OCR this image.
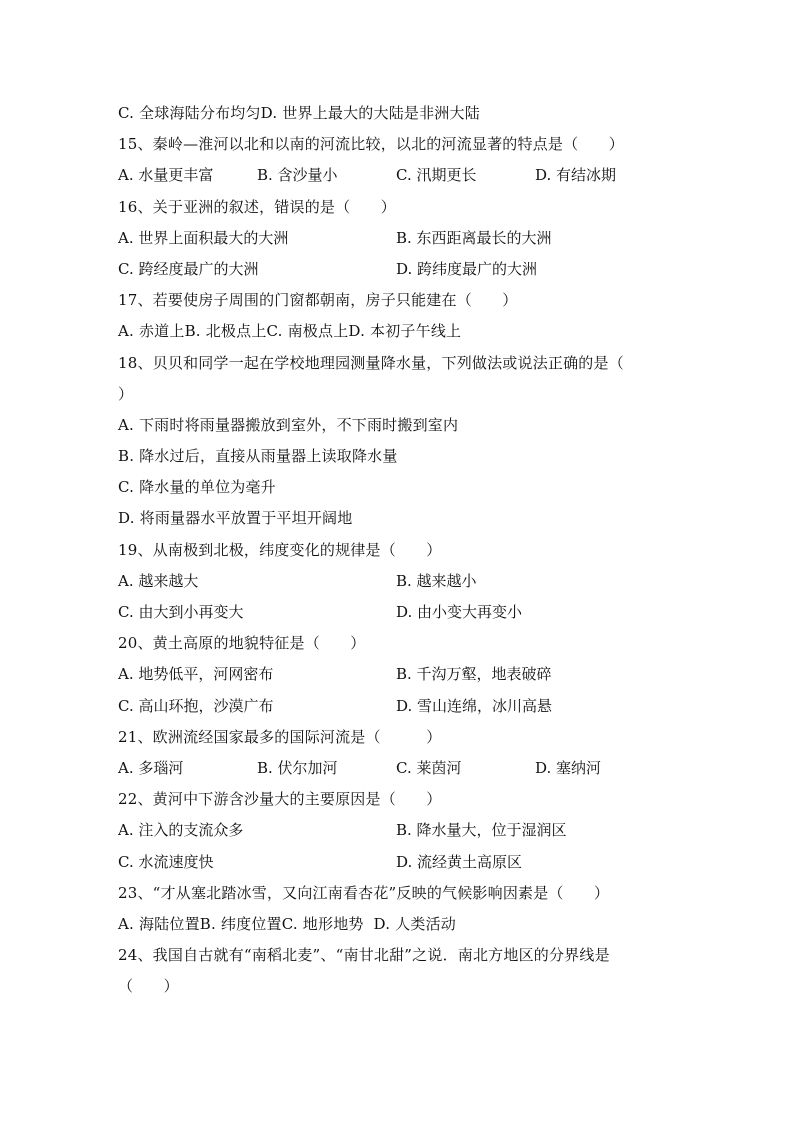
C. 全球海陆分布均匀D. 世界上最大的大陆是非洲大陆
15、秦岭—淮河以北和以南的河流比较，以北的河流显著的特点是（　　）
A. 水量更丰富	B. 含沙量小	C. 汛期更长	D. 有结冰期
16、关于亚洲的叙述，错误的是（　　）
A. 世界上面积最大的大洲	B. 东西距离最长的大洲
C. 跨经度最广的大洲	D. 跨纬度最广的大洲
17、若要使房子周围的门窗都朝南，房子只能建在（　　）
A. 赤道上B. 北极点上C. 南极点上D. 本初子午线上
18、贝贝和同学一起在学校地理园测量降水量，下列做法或说法正确的是（
）
A. 下雨时将雨量器搬放到室外，不下雨时搬到室内
B. 降水过后，直接从雨量器上读取降水量
C. 降水量的单位为毫升
D. 将雨量器水平放置于平坦开阔地
19、从南极到北极，纬度变化的规律是（　　）
A. 越来越大	B. 越来越小
C. 由大到小再变大	D. 由小变大再变小
20、黄土高原的地貌特征是（　　）
A. 地势低平，河网密布	B. 千沟万壑，地表破碎
C. 高山环抱，沙漠广布	D. 雪山连绵，冰川高悬
21、欧洲流经国家最多的国际河流是（　　　）
A. 多瑙河	B. 伏尔加河	C. 莱茵河	D. 塞纳河
22、黄河中下游含沙量大的主要原因是（　　）
A. 注入的支流众多	B. 降水量大，位于湿润区
C. 水流速度快	D. 流经黄土高原区
23、“才从塞北踏冰雪，又向江南看杏花”反映的气候影响因素是（　　）
A. 海陆位置B. 纬度位置C. 地形地势  D. 人类活动
24、我国自古就有“南稻北麦”、“南甘北甜”之说．南北方地区的分界线是
（　　）
